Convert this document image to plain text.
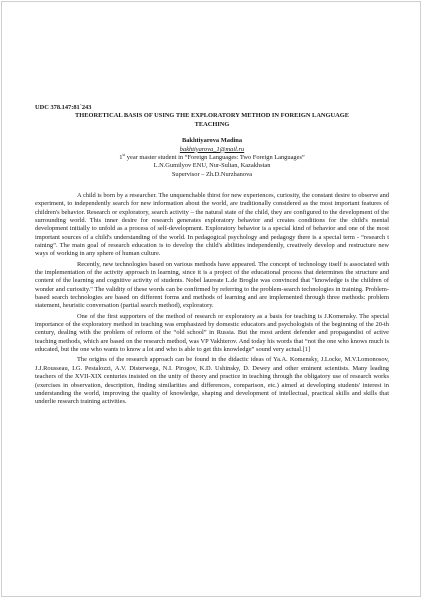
UDC 378.147:81`243

THEORETICAL BASIS OF USING THE EXPLORATORY METHOD IN FOREIGN LANGUAGE TEACHING

Bakhtiyarova Madina

bakhtiyarova_1@mail.ru

1st year master student in “Foreign Languages: Two Foreign Languages”

L.N.Gumilyov ENU, Nur-Sultan, Kazakhstan

Supervisor – Zh.D.Nurzhanova

A child is born by a researcher. The unquenchable thirst for new experiences, curiosity, the constant desire to observe and experiment, to independently search for new information about the world, are traditionally considered as the most important features of children's behavior. Research or exploratory, search activity – the natural state of the child, they are configured to the development of the surrounding world. This inner desire for research generates exploratory behavior and creates conditions for the child's mental development initially to unfold as a process of self-development. Exploratory behavior is a special kind of behavior and one of the most important sources of a child's understanding of the world. In pedagogical psychology and pedagogy there is a special term - “research t raining”. The main goal of research education is to develop the child's abilities independently, creatively develop and restructure new ways of working in any sphere of human culture.

Recently, new technologies based on various methods have appeared. The concept of technology itself is associated with the implementation of the activity approach in learning, since it is a project of the educational process that determines the structure and content of the learning and cognitive activity of students. Nobel laureate L.de Broglie was convinced that "knowledge is the children of wonder and curiosity." The validity of these words can be confirmed by referring to the problem-search technologies in training. Problem-based search technologies are based on different forms and methods of learning and are implemented through three methods: problem statement, heuristic conversation (partial search method), exploratory.

One of the first supporters of the method of research or exploratory as a basis for teaching is J.Komensky. The special importance of the exploratory method in teaching was emphasized by domestic educators and psychologists of the beginning of the 20-th century, dealing with the problem of reform of the “old school” in Russia. But the most ardent defender and propagandist of active teaching methods, which are based on the research method, was VP Vakhterov. And today his words that “not the one who knows much is educated, but the one who wants to know a lot and who is able to get this knowledge” sound very actual.[1]

The origins of the research approach can be found in the didactic ideas of Ya.A. Komensky, J.Locke, M.V.Lomonosov, J.J.Rousseau, I.G. Pestalozzi, A.V. Disterwega, N.I. Pirogov, K.D. Ushinsky, D. Dewey and other eminent scientists. Many leading teachers of the XVII-XIX centuries insisted on the unity of theory and practice in teaching through the obligatory use of research works (exercises in observation, description, finding similarities and differences, comparison, etc.) aimed at developing students' interest in understanding the world, improving the quality of knowledge, shaping and development of intellectual, practical skills and skills that underlie research training activities.
